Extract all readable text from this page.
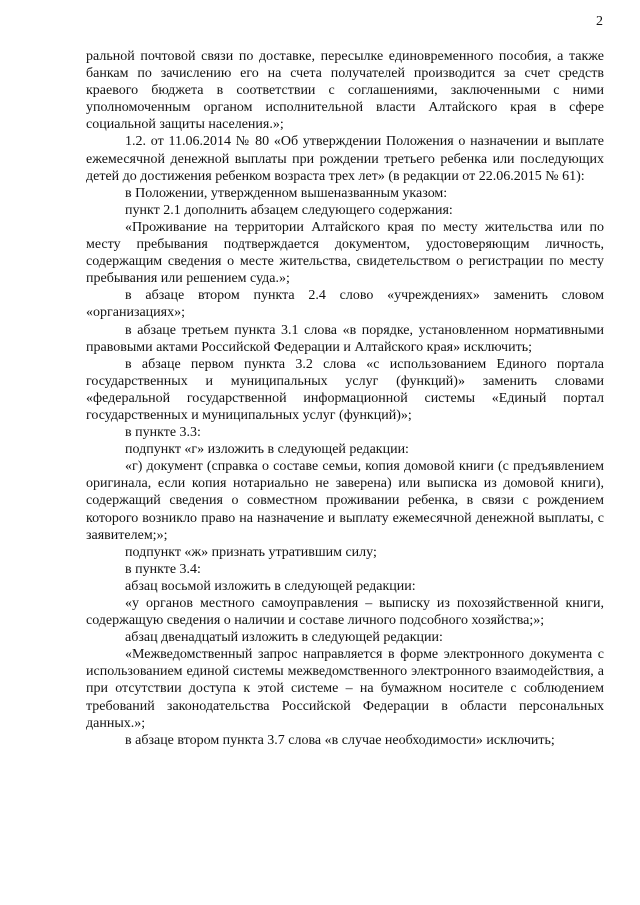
2

ральной почтовой связи по доставке, пересылке единовременного пособия, а также банкам по зачислению его на счета получателей производится за счет средств краевого бюджета в соответствии с соглашениями, заключенными с ними уполномоченным органом исполнительной власти Алтайского края в сфере социальной защиты населения.»;

1.2. от 11.06.2014 № 80 «Об утверждении Положения о назначении и выплате ежемесячной денежной выплаты при рождении третьего ребенка или последующих детей до достижения ребенком возраста трех лет» (в редакции от 22.06.2015 № 61):

в Положении, утвержденном вышеназванным указом:

пункт 2.1 дополнить абзацем следующего содержания:

«Проживание на территории Алтайского края по месту жительства или по месту пребывания подтверждается документом, удостоверяющим личность, содержащим сведения о месте жительства, свидетельством о регистрации по месту пребывания или решением суда.»;

в абзаце втором пункта 2.4 слово «учреждениях» заменить словом «организациях»;

в абзаце третьем пункта 3.1 слова «в порядке, установленном нормативными правовыми актами Российской Федерации и Алтайского края» исключить;

в абзаце первом пункта 3.2 слова «с использованием Единого портала государственных и муниципальных услуг (функций)» заменить словами «федеральной государственной информационной системы «Единый портал государственных и муниципальных услуг (функций)»;

в пункте 3.3:

подпункт «г» изложить в следующей редакции:

«г) документ (справка о составе семьи, копия домовой книги (с предъявлением оригинала, если копия нотариально не заверена) или выписка из домовой книги), содержащий сведения о совместном проживании ребенка, в связи с рождением которого возникло право на назначение и выплату ежемесячной денежной выплаты, с заявителем;»;

подпункт «ж» признать утратившим силу;

в пункте 3.4:

абзац восьмой изложить в следующей редакции:

«у органов местного самоуправления – выписку из похозяйственной книги, содержащую сведения о наличии и составе личного подсобного хозяйства;»;

абзац двенадцатый изложить в следующей редакции:

«Межведомственный запрос направляется в форме электронного документа с использованием единой системы межведомственного электронного взаимодействия, а при отсутствии доступа к этой системе – на бумажном носителе с соблюдением требований законодательства Российской Федерации в области персональных данных.»;

в абзаце втором пункта 3.7 слова «в случае необходимости» исключить;
